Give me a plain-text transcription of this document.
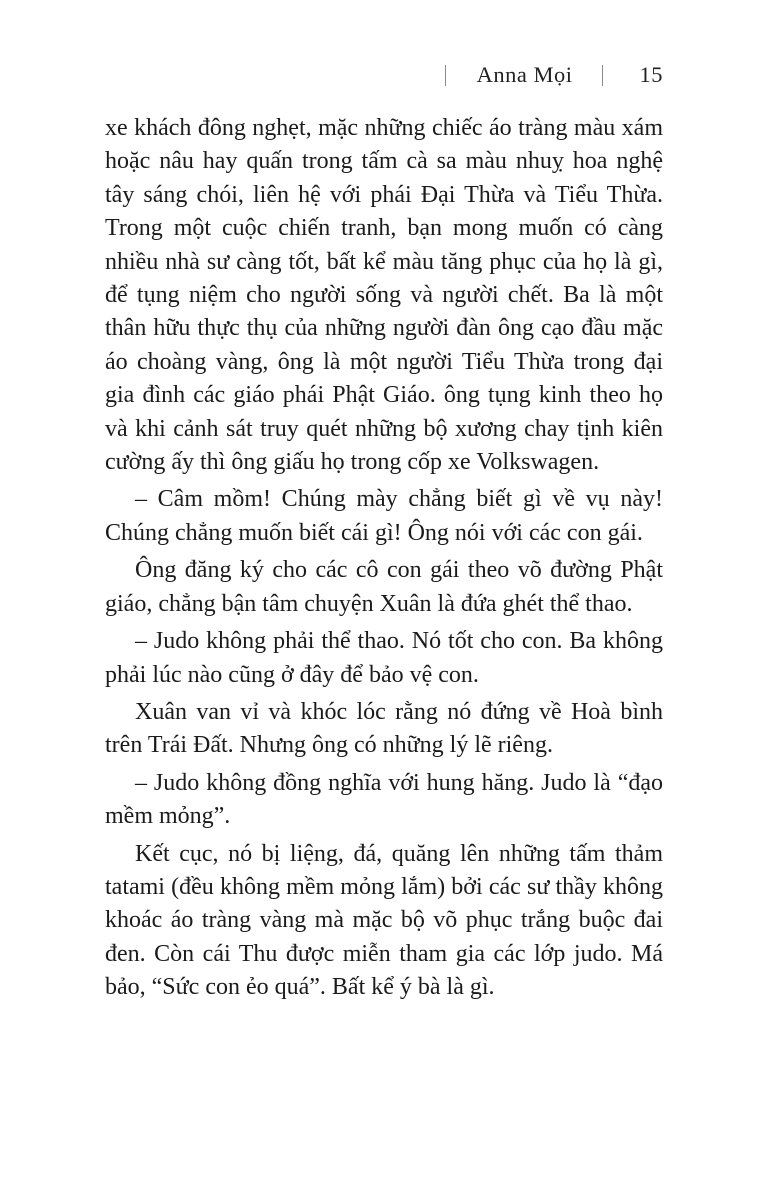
Anna Mọi	15

xe khách đông nghẹt, mặc những chiếc áo tràng màu xám hoặc nâu hay quấn trong tấm cà sa màu nhuỵ hoa nghệ tây sáng chói, liên hệ với phái Đại Thừa và Tiểu Thừa. Trong một cuộc chiến tranh, bạn mong muốn có càng nhiều nhà sư càng tốt, bất kể màu tăng phục của họ là gì, để tụng niệm cho người sống và người chết. Ba là một thân hữu thực thụ của những người đàn ông cạo đầu mặc áo choàng vàng, ông là một người Tiểu Thừa trong đại gia đình các giáo phái Phật Giáo. ông tụng kinh theo họ và khi cảnh sát truy quét những bộ xương chay tịnh kiên cường ấy thì ông giấu họ trong cốp xe Volkswagen.

– Câm mồm! Chúng mày chẳng biết gì về vụ này! Chúng chẳng muốn biết cái gì! Ông nói với các con gái.

Ông đăng ký cho các cô con gái theo võ đường Phật giáo, chẳng bận tâm chuyện Xuân là đứa ghét thể thao.

– Judo không phải thể thao. Nó tốt cho con. Ba không phải lúc nào cũng ở đây để bảo vệ con.

Xuân van vỉ và khóc lóc rằng nó đứng về Hoà bình trên Trái Đất. Nhưng ông có những lý lẽ riêng.

– Judo không đồng nghĩa với hung hăng. Judo là “đạo mềm mỏng”.

Kết cục, nó bị liệng, đá, quăng lên những tấm thảm tatami (đều không mềm mỏng lắm) bởi các sư thầy không khoác áo tràng vàng mà mặc bộ võ phục trắng buộc đai đen. Còn cái Thu được miễn tham gia các lớp judo. Má bảo, “Sức con ẻo quá”. Bất kể ý bà là gì.
